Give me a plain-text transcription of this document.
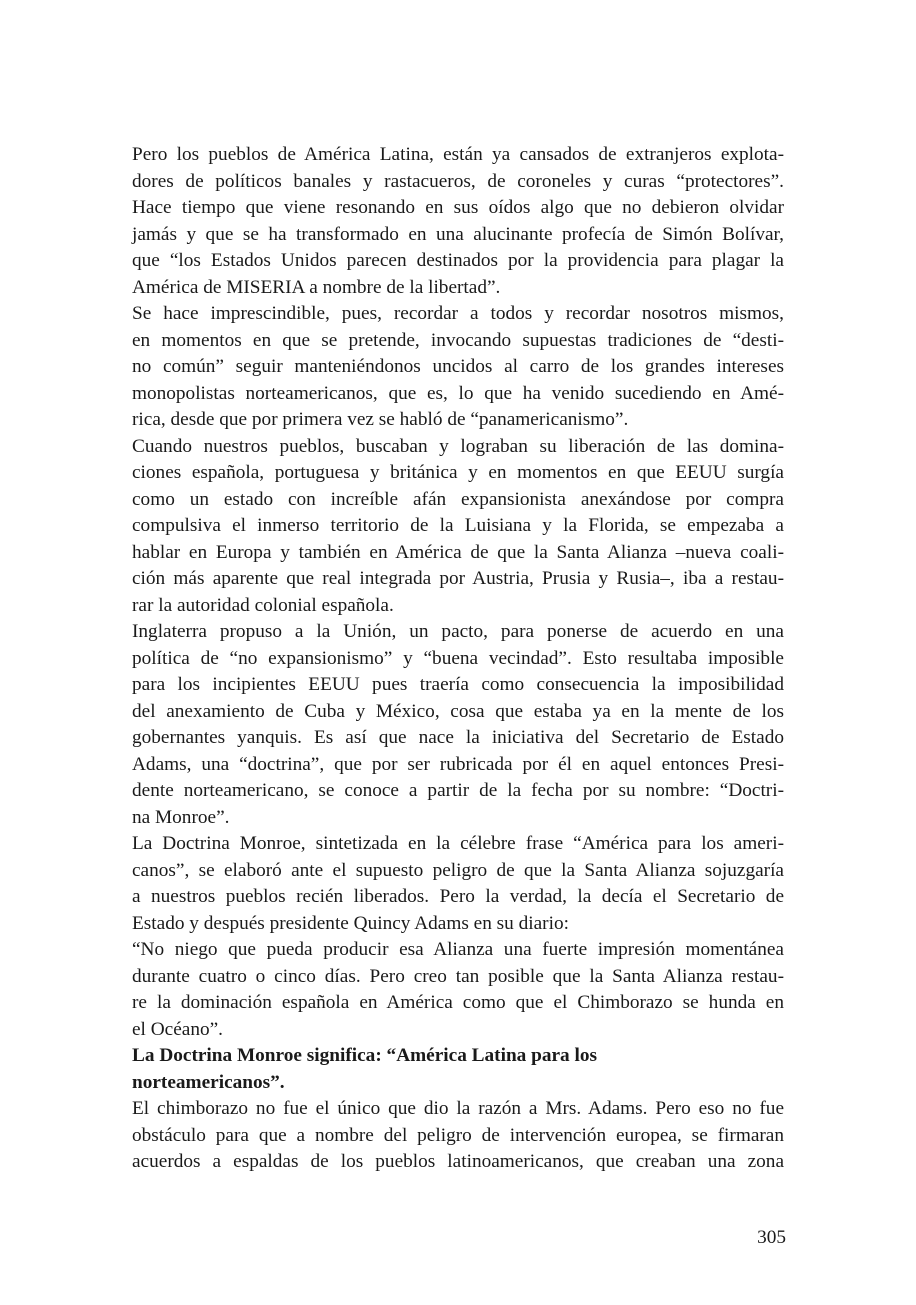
Pero los pueblos de América Latina, están ya cansados de extranjeros explota-
dores de políticos banales y rastacueros, de coroneles y curas “protectores”.
Hace tiempo que viene resonando en sus oídos algo que no debieron olvidar
jamás y que se ha transformado en una alucinante profecía de Simón Bolívar,
que “los Estados Unidos parecen destinados por la providencia para plagar la
América de MISERIA a nombre de la libertad”.
Se hace imprescindible, pues, recordar a todos y recordar nosotros mismos,
en momentos en que se pretende, invocando supuestas tradiciones de “desti-
no común” seguir manteniéndonos uncidos al carro de los grandes intereses
monopolistas norteamericanos, que es, lo que ha venido sucediendo en Amé-
rica, desde que por primera vez se habló de “panamericanismo”.
Cuando nuestros pueblos, buscaban y lograban su liberación de las domina-
ciones española, portuguesa y británica y en momentos en que EEUU surgía
como un estado con increíble afán expansionista anexándose por compra
compulsiva el inmerso territorio de la Luisiana y la Florida, se empezaba a
hablar en Europa y también en América de que la Santa Alianza –nueva coali-
ción más aparente que real integrada por Austria, Prusia y Rusia–, iba a restau-
rar la autoridad colonial española.
Inglaterra propuso a la Unión, un pacto, para ponerse de acuerdo en una
política de “no expansionismo” y “buena vecindad”. Esto resultaba imposible
para los incipientes EEUU pues traería como consecuencia la imposibilidad
del anexamiento de Cuba y México, cosa que estaba ya en la mente de los
gobernantes yanquis. Es así que nace la iniciativa del Secretario de Estado
Adams, una “doctrina”, que por ser rubricada por él en aquel entonces Presi-
dente norteamericano, se conoce a partir de la fecha por su nombre: “Doctri-
na Monroe”.
La Doctrina Monroe, sintetizada en la célebre frase “América para los ameri-
canos”, se elaboró ante el supuesto peligro de que la Santa Alianza sojuzgaría
a nuestros pueblos recién liberados. Pero la verdad, la decía el Secretario de
Estado y después presidente Quincy Adams en su diario:
“No niego que pueda producir esa Alianza una fuerte impresión momentánea
durante cuatro o cinco días. Pero creo tan posible que la Santa Alianza restau-
re la dominación española en América como que el Chimborazo se hunda en
el Océano”.
La Doctrina Monroe significa: “América Latina para los
norteamericanos”.
El chimborazo no fue el único que dio la razón a Mrs. Adams. Pero eso no fue
obstáculo para que a nombre del peligro de intervención europea, se firmaran
acuerdos a espaldas de los pueblos latinoamericanos, que creaban una zona
305
